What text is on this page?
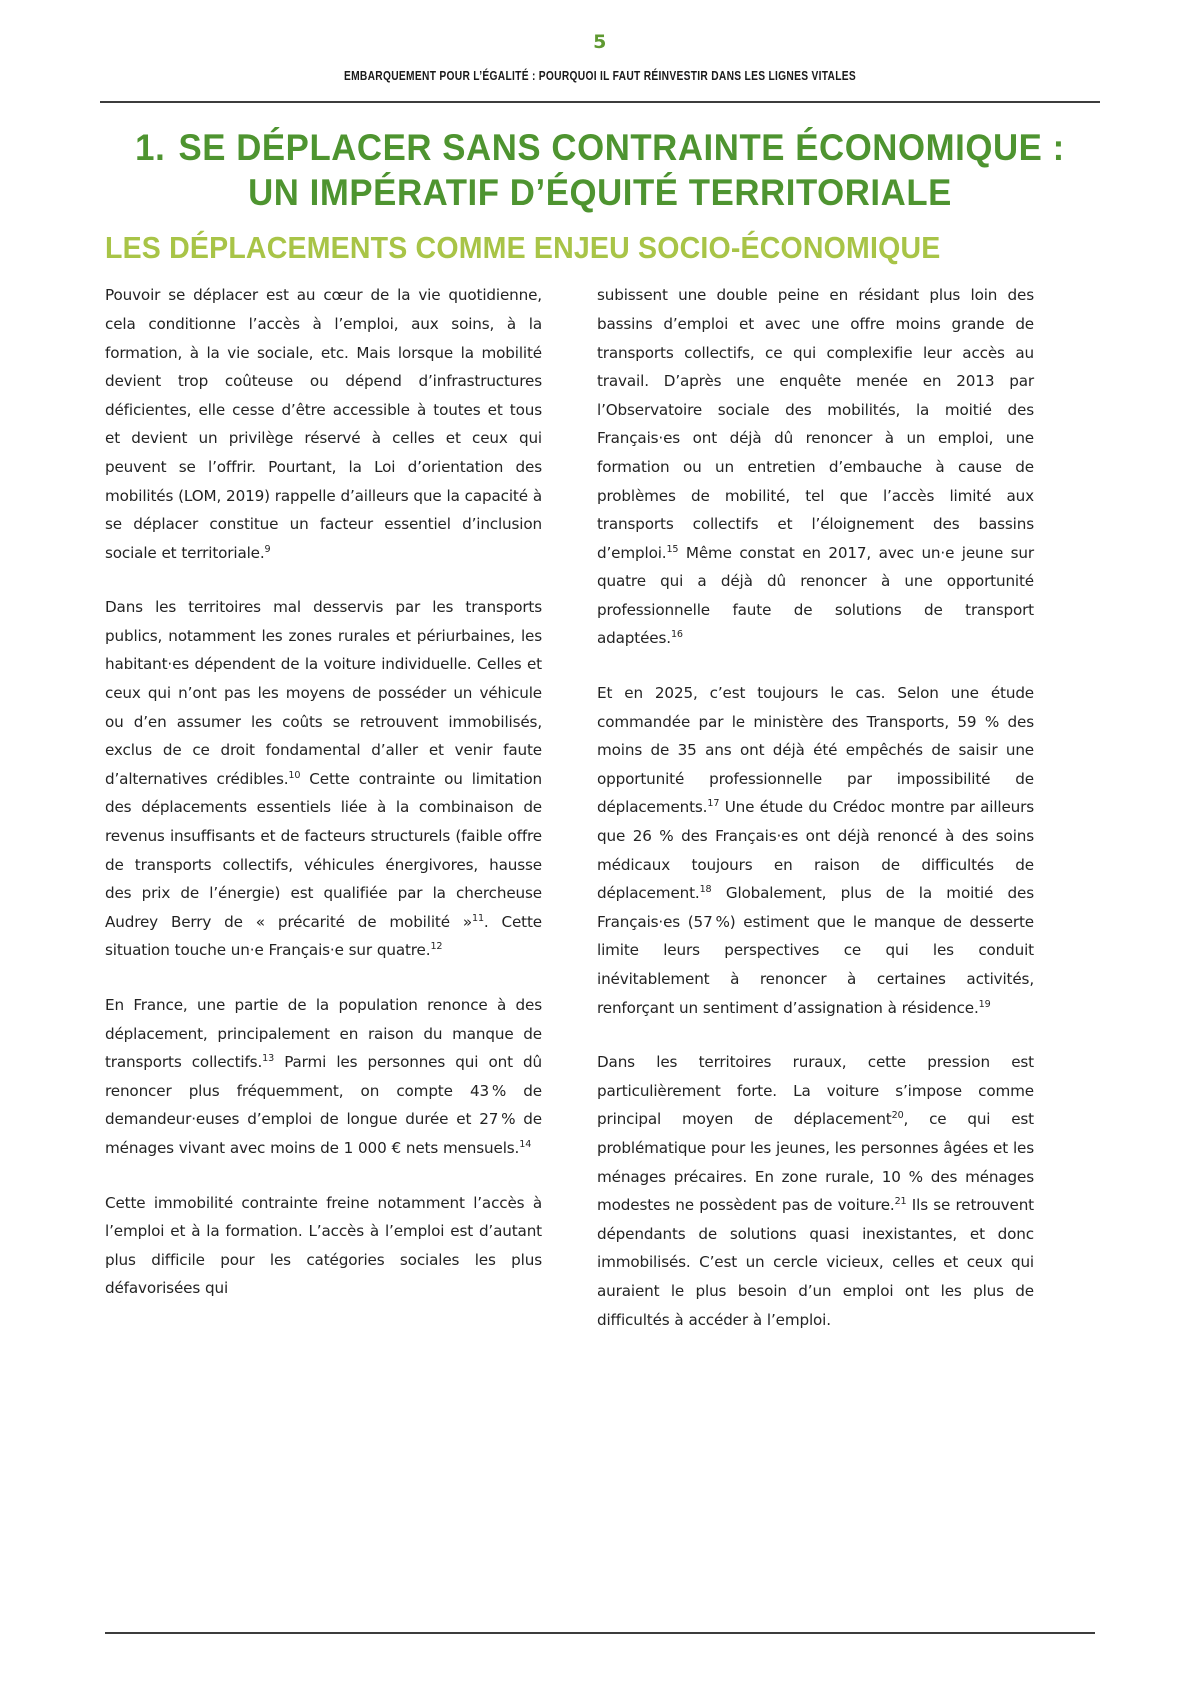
5
EMBARQUEMENT POUR L’ÉGALITÉ : POURQUOI IL FAUT RÉINVESTIR DANS LES LIGNES VITALES
1. SE DÉPLACER SANS CONTRAINTE ÉCONOMIQUE :
UN IMPÉRATIF D’ÉQUITÉ TERRITORIALE
LES DÉPLACEMENTS COMME ENJEU SOCIO-ÉCONOMIQUE

Pouvoir se déplacer est au cœur de la vie quotidienne, cela conditionne l’accès à l’emploi, aux soins, à la formation, à la vie sociale, etc. Mais lorsque la mobilité devient trop coûteuse ou dépend d’infrastructures déficientes, elle cesse d’être accessible à toutes et tous et devient un privilège réservé à celles et ceux qui peuvent se l’offrir. Pourtant, la Loi d’orientation des mobilités (LOM, 2019) rappelle d’ailleurs que la capacité à se déplacer constitue un facteur essentiel d’inclusion sociale et territoriale.$^9$

Dans les territoires mal desservis par les transports publics, notamment les zones rurales et périurbaines, les habitant·es dépendent de la voiture individuelle. Celles et ceux qui n’ont pas les moyens de posséder un véhicule ou d’en assumer les coûts se retrouvent immobilisés, exclus de ce droit fondamental d’aller et venir faute d’alternatives crédibles.$^{10}$ Cette contrainte ou limitation des déplacements essentiels liée à la combinaison de revenus insuffisants et de facteurs structurels (faible offre de transports collectifs, véhicules énergivores, hausse des prix de l’énergie) est qualifiée par la chercheuse Audrey Berry de « précarité de mobilité »$^{11}$. Cette situation touche un·e Français·e sur quatre.$^{12}$

En France, une partie de la population renonce à des déplacement, principalement en raison du manque de transports collectifs.$^{13}$ Parmi les personnes qui ont dû renoncer plus fréquemment, on compte 43 % de demandeur·euses d’emploi de longue durée et 27 % de ménages vivant avec moins de 1 000 € nets mensuels.$^{14}$

Cette immobilité contrainte freine notamment l’accès à l’emploi et à la formation. L’accès à l’emploi est d’autant plus difficile pour les catégories sociales les plus défavorisées qui

subissent une double peine en résidant plus loin des bassins d’emploi et avec une offre moins grande de transports collectifs, ce qui complexifie leur accès au travail. D’après une enquête menée en 2013 par l’Observatoire sociale des mobilités, la moitié des Français·es ont déjà dû renoncer à un emploi, une formation ou un entretien d’embauche à cause de problèmes de mobilité, tel que l’accès limité aux transports collectifs et l’éloignement des bassins d’emploi.$^{15}$ Même constat en 2017, avec un·e jeune sur quatre qui a déjà dû renoncer à une opportunité professionnelle faute de solutions de transport adaptées.$^{16}$

Et en 2025, c’est toujours le cas. Selon une étude commandée par le ministère des Transports, 59 % des moins de 35 ans ont déjà été empêchés de saisir une opportunité professionnelle par impossibilité de déplacements.$^{17}$ Une étude du Crédoc montre par ailleurs que 26 % des Français·es ont déjà renoncé à des soins médicaux toujours en raison de difficultés de déplacement.$^{18}$ Globalement, plus de la moitié des Français·es (57 %) estiment que le manque de desserte limite leurs perspectives ce qui les conduit inévitablement à renoncer à certaines activités, renforçant un sentiment d’assignation à résidence.$^{19}$

Dans les territoires ruraux, cette pression est particulièrement forte. La voiture s’impose comme principal moyen de déplacement$^{20}$, ce qui est problématique pour les jeunes, les personnes âgées et les ménages précaires. En zone rurale, 10 % des ménages modestes ne possèdent pas de voiture.$^{21}$ Ils se retrouvent dépendants de solutions quasi inexistantes, et donc immobilisés. C’est un cercle vicieux, celles et ceux qui auraient le plus besoin d’un emploi ont les plus de difficultés à accéder à l’emploi.
